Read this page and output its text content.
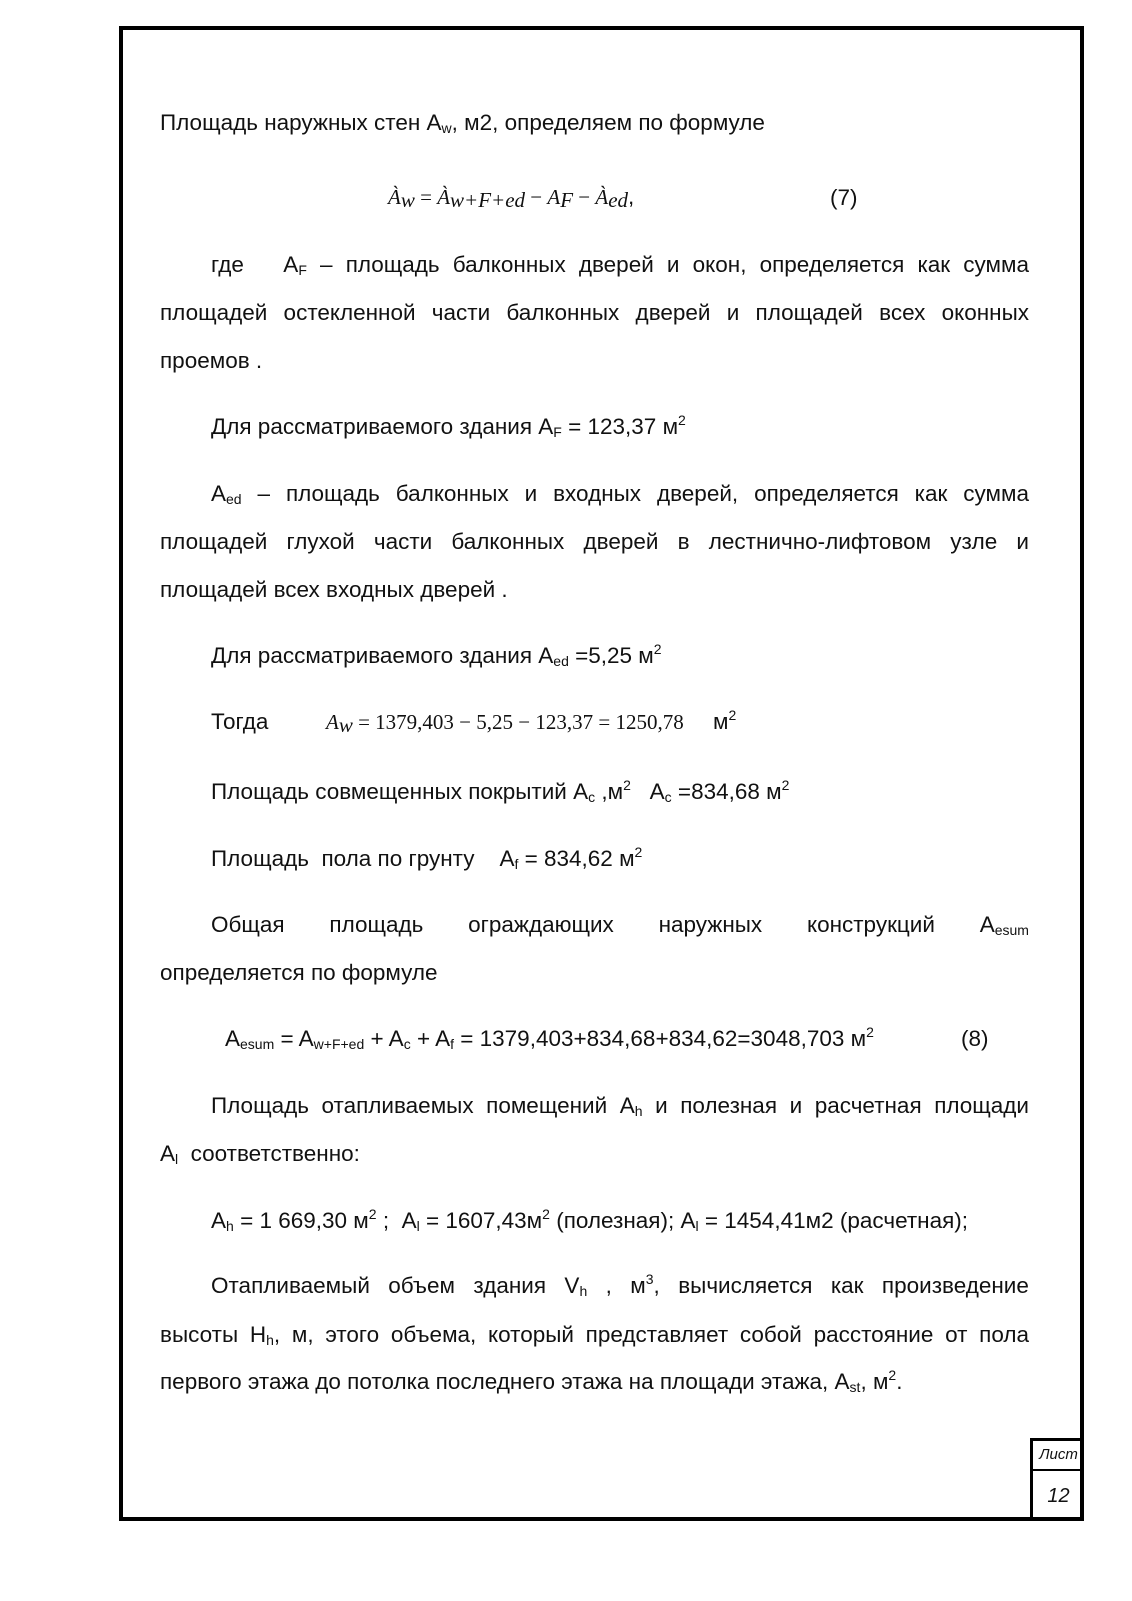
Площадь наружных стен $A_w$, м2, определяем по формуле
$À_w$ = $À_{w+F+ed} - A_F$ − $À_{ed}$,	(7)
где $A_F$ – площадь балконных дверей и окон, определяется как сумма
площадей остекленной части балконных дверей и площадей всех оконных
проемов .
Для рассматриваемого здания $A_F = 123,37$ $м^2$
$A_{ed}$ – площадь балконных и входных дверей, определяется как сумма
площадей глухой части балконных дверей в лестнично-лифтовом узле и
площадей всех входных дверей .
Для рассматриваемого здания $A_{ed} =5,25$ $м^2$
Тогда	$A_w = 1379,403 - 5,25 - 123,37 = 1250,78$ $м^2$
Площадь совмещенных покрытий $A_c$ $,м^2$   $A_c =834,68$ $м^2$
Площадь  пола по грунту    $A_f = 834,62$ $м^2$
Общая площадь ограждающих наружных конструкций $A_{esum}$
определяется по формуле
$A_{esum} = A_{w+F+ed} + A_c + A_f = 1379,403+834,68+834,62=3048,703$ $м^2$	(8)
Площадь отапливаемых помещений $A_h$ и полезная и расчетная площади
$A_l$  соответственно:
$A_h = 1$ 669,30 $м^2$ ;  $A_l = 1607,43м^2$ (полезная); $A_l = 1454,41м2$ (расчетная);
Отапливаемый объем здания $V_h$ , $м^3$, вычисляется как произведение
высоты $H_h$, м, этого объема, который представляет собой расстояние от пола
первого этажа до потолка последнего этажа на площади этажа, $A_{st}$, $м^2$.
Лист
12
